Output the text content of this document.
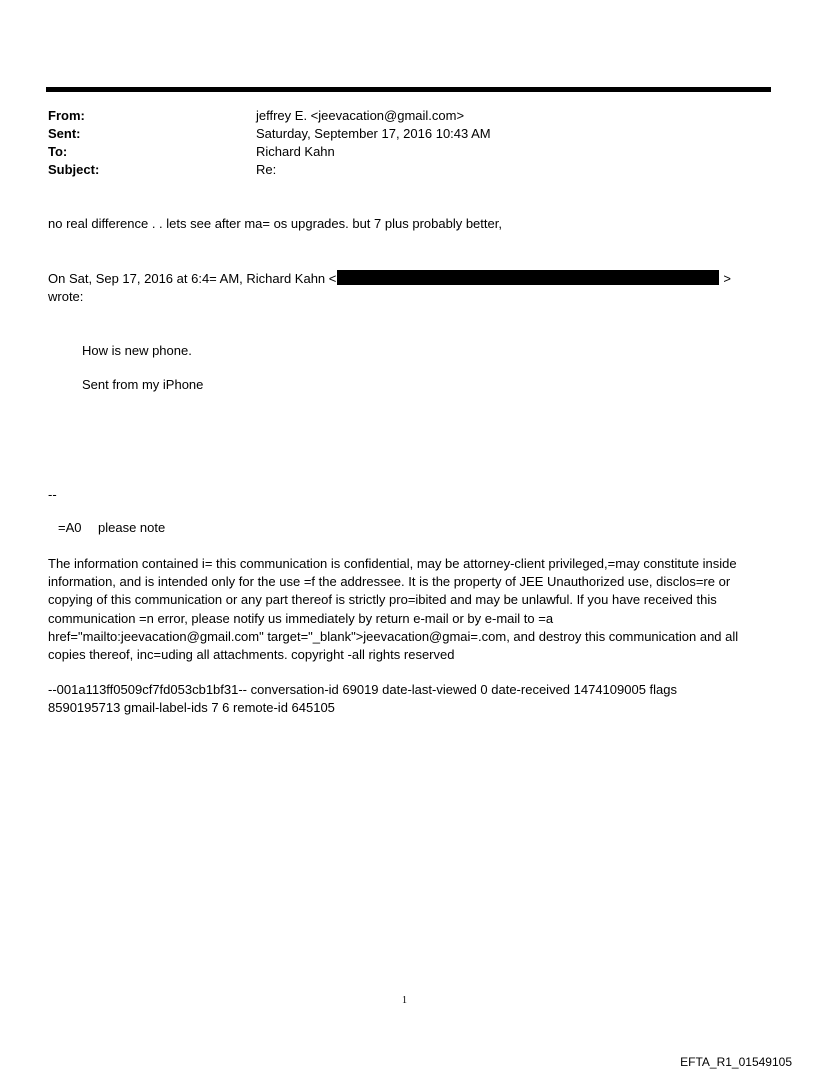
From:	jeffrey E. <jeevacation@gmail.com>
Sent:	Saturday, September 17, 2016 10:43 AM
To:	Richard Kahn
Subject:	Re:
no real difference . . lets see after ma= os upgrades. but 7 plus probably better,
On Sat, Sep 17, 2016 at 6:4= AM, Richard Kahn <	>
wrote:
How is new phone.
Sent from my iPhone
--
=A0 please note
The information contained i= this communication is confidential, may be attorney-client privileged,=may constitute inside information, and is intended only for the use =f the addressee. It is the property of JEE Unauthorized use, disclos=re or copying of this communication or any part thereof is strictly pro=ibited and may be unlawful. If you have received this communication =n error, please notify us immediately by return e-mail or by e-mail to =a href="mailto:jeevacation@gmail.com" target="_blank">jeevacation@gmai=.com, and destroy this communication and all copies thereof, inc=uding all attachments. copyright -all rights reserved
--001a113ff0509cf7fd053cb1bf31-- conversation-id 69019 date-last-viewed 0 date-received 1474109005 flags 8590195713 gmail-label-ids 7 6 remote-id 645105
1
EFTA_R1_01549105
